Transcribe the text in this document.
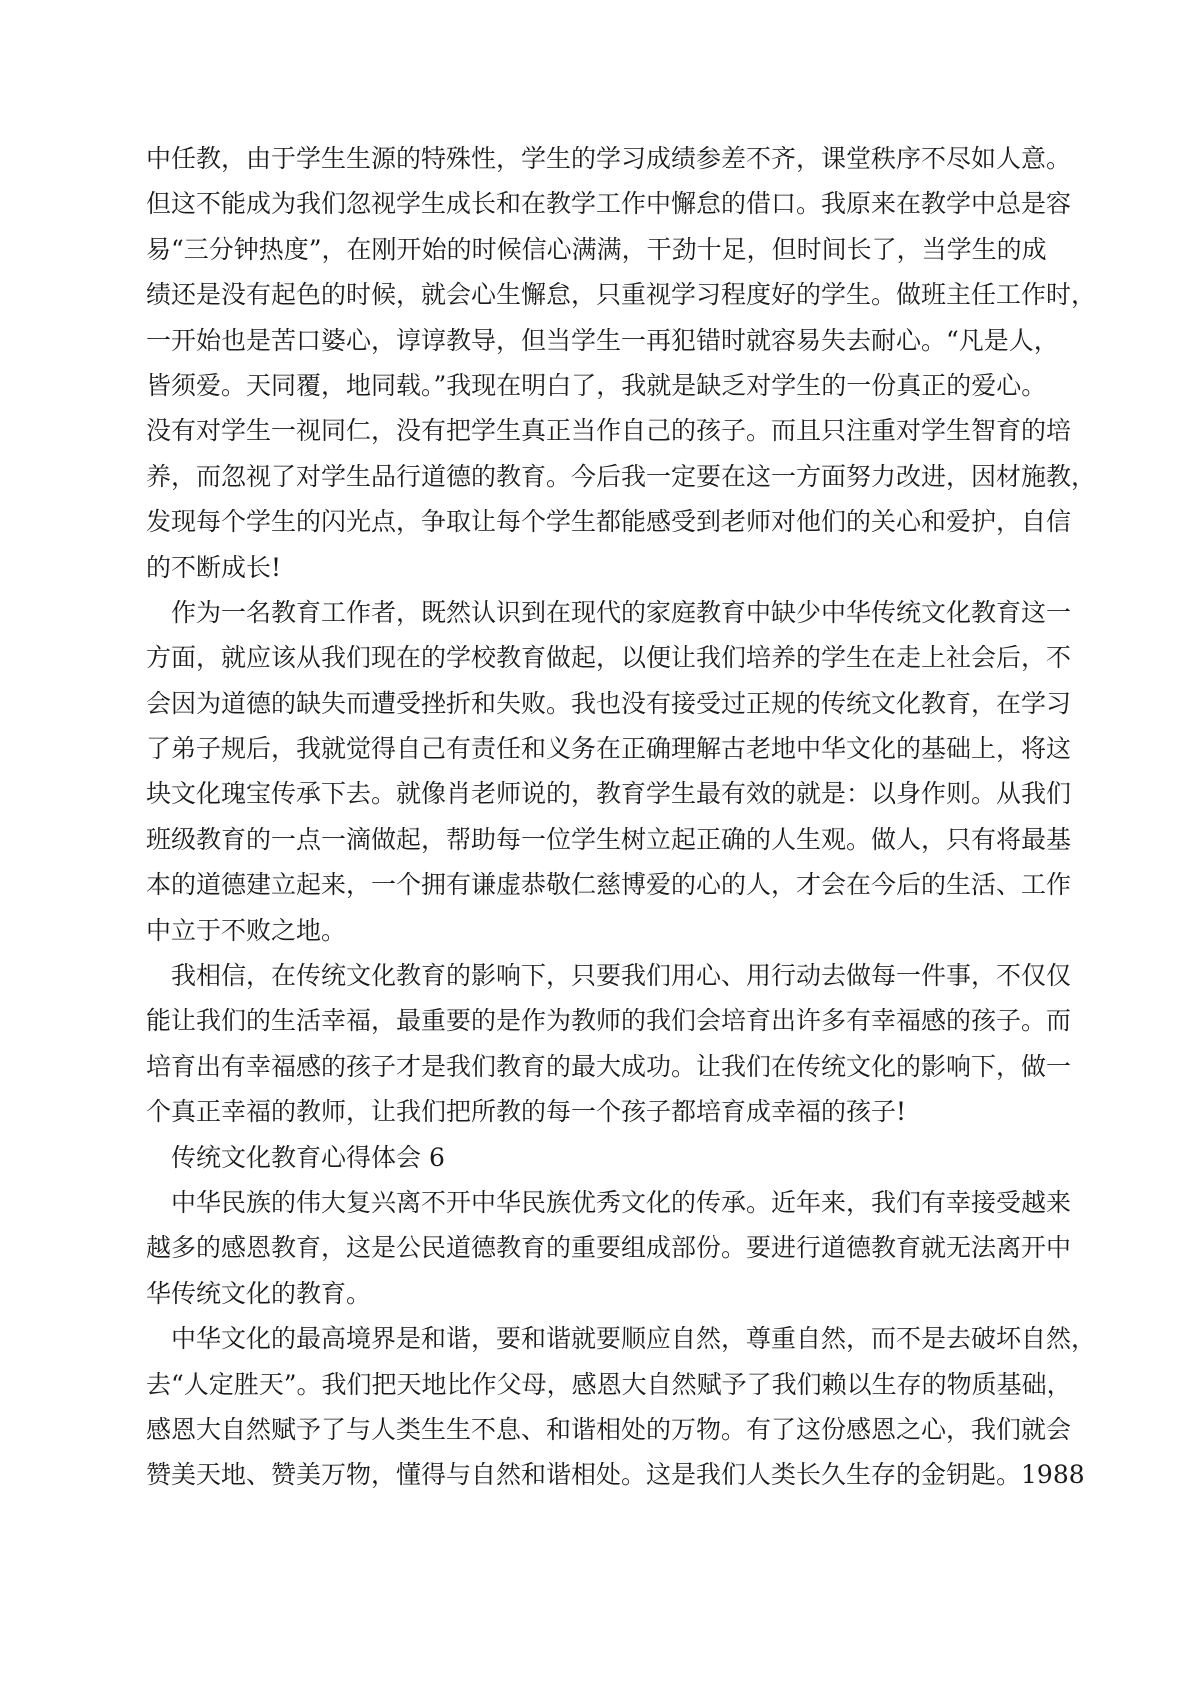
中任教，由于学生生源的特殊性，学生的学习成绩参差不齐，课堂秩序不尽如人意。
但这不能成为我们忽视学生成长和在教学工作中懈怠的借口。我原来在教学中总是容
易“三分钟热度”，在刚开始的时候信心满满，干劲十足，但时间长了，当学生的成
绩还是没有起色的时候，就会心生懈怠，只重视学习程度好的学生。做班主任工作时，
一开始也是苦口婆心，谆谆教导，但当学生一再犯错时就容易失去耐心。“凡是人，
皆须爱。天同覆，地同载。”我现在明白了，我就是缺乏对学生的一份真正的爱心。
没有对学生一视同仁，没有把学生真正当作自己的孩子。而且只注重对学生智育的培
养，而忽视了对学生品行道德的教育。今后我一定要在这一方面努力改进，因材施教，
发现每个学生的闪光点，争取让每个学生都能感受到老师对他们的关心和爱护，自信
的不断成长!
　作为一名教育工作者，既然认识到在现代的家庭教育中缺少中华传统文化教育这一
方面，就应该从我们现在的学校教育做起，以便让我们培养的学生在走上社会后，不
会因为道德的缺失而遭受挫折和失败。我也没有接受过正规的传统文化教育，在学习
了弟子规后，我就觉得自己有责任和义务在正确理解古老地中华文化的基础上，将这
块文化瑰宝传承下去。就像肖老师说的，教育学生最有效的就是：以身作则。从我们
班级教育的一点一滴做起，帮助每一位学生树立起正确的人生观。做人，只有将最基
本的道德建立起来，一个拥有谦虚恭敬仁慈博爱的心的人，才会在今后的生活、工作
中立于不败之地。
　我相信，在传统文化教育的影响下，只要我们用心、用行动去做每一件事，不仅仅
能让我们的生活幸福，最重要的是作为教师的我们会培育出许多有幸福感的孩子。而
培育出有幸福感的孩子才是我们教育的最大成功。让我们在传统文化的影响下，做一
个真正幸福的教师，让我们把所教的每一个孩子都培育成幸福的孩子!
　传统文化教育心得体会 6
　中华民族的伟大复兴离不开中华民族优秀文化的传承。近年来，我们有幸接受越来
越多的感恩教育，这是公民道德教育的重要组成部份。要进行道德教育就无法离开中
华传统文化的教育。
　中华文化的最高境界是和谐，要和谐就要顺应自然，尊重自然，而不是去破坏自然，
去“人定胜天”。我们把天地比作父母，感恩大自然赋予了我们赖以生存的物质基础，
感恩大自然赋予了与人类生生不息、和谐相处的万物。有了这份感恩之心，我们就会
赞美天地、赞美万物，懂得与自然和谐相处。这是我们人类长久生存的金钥匙。1988
